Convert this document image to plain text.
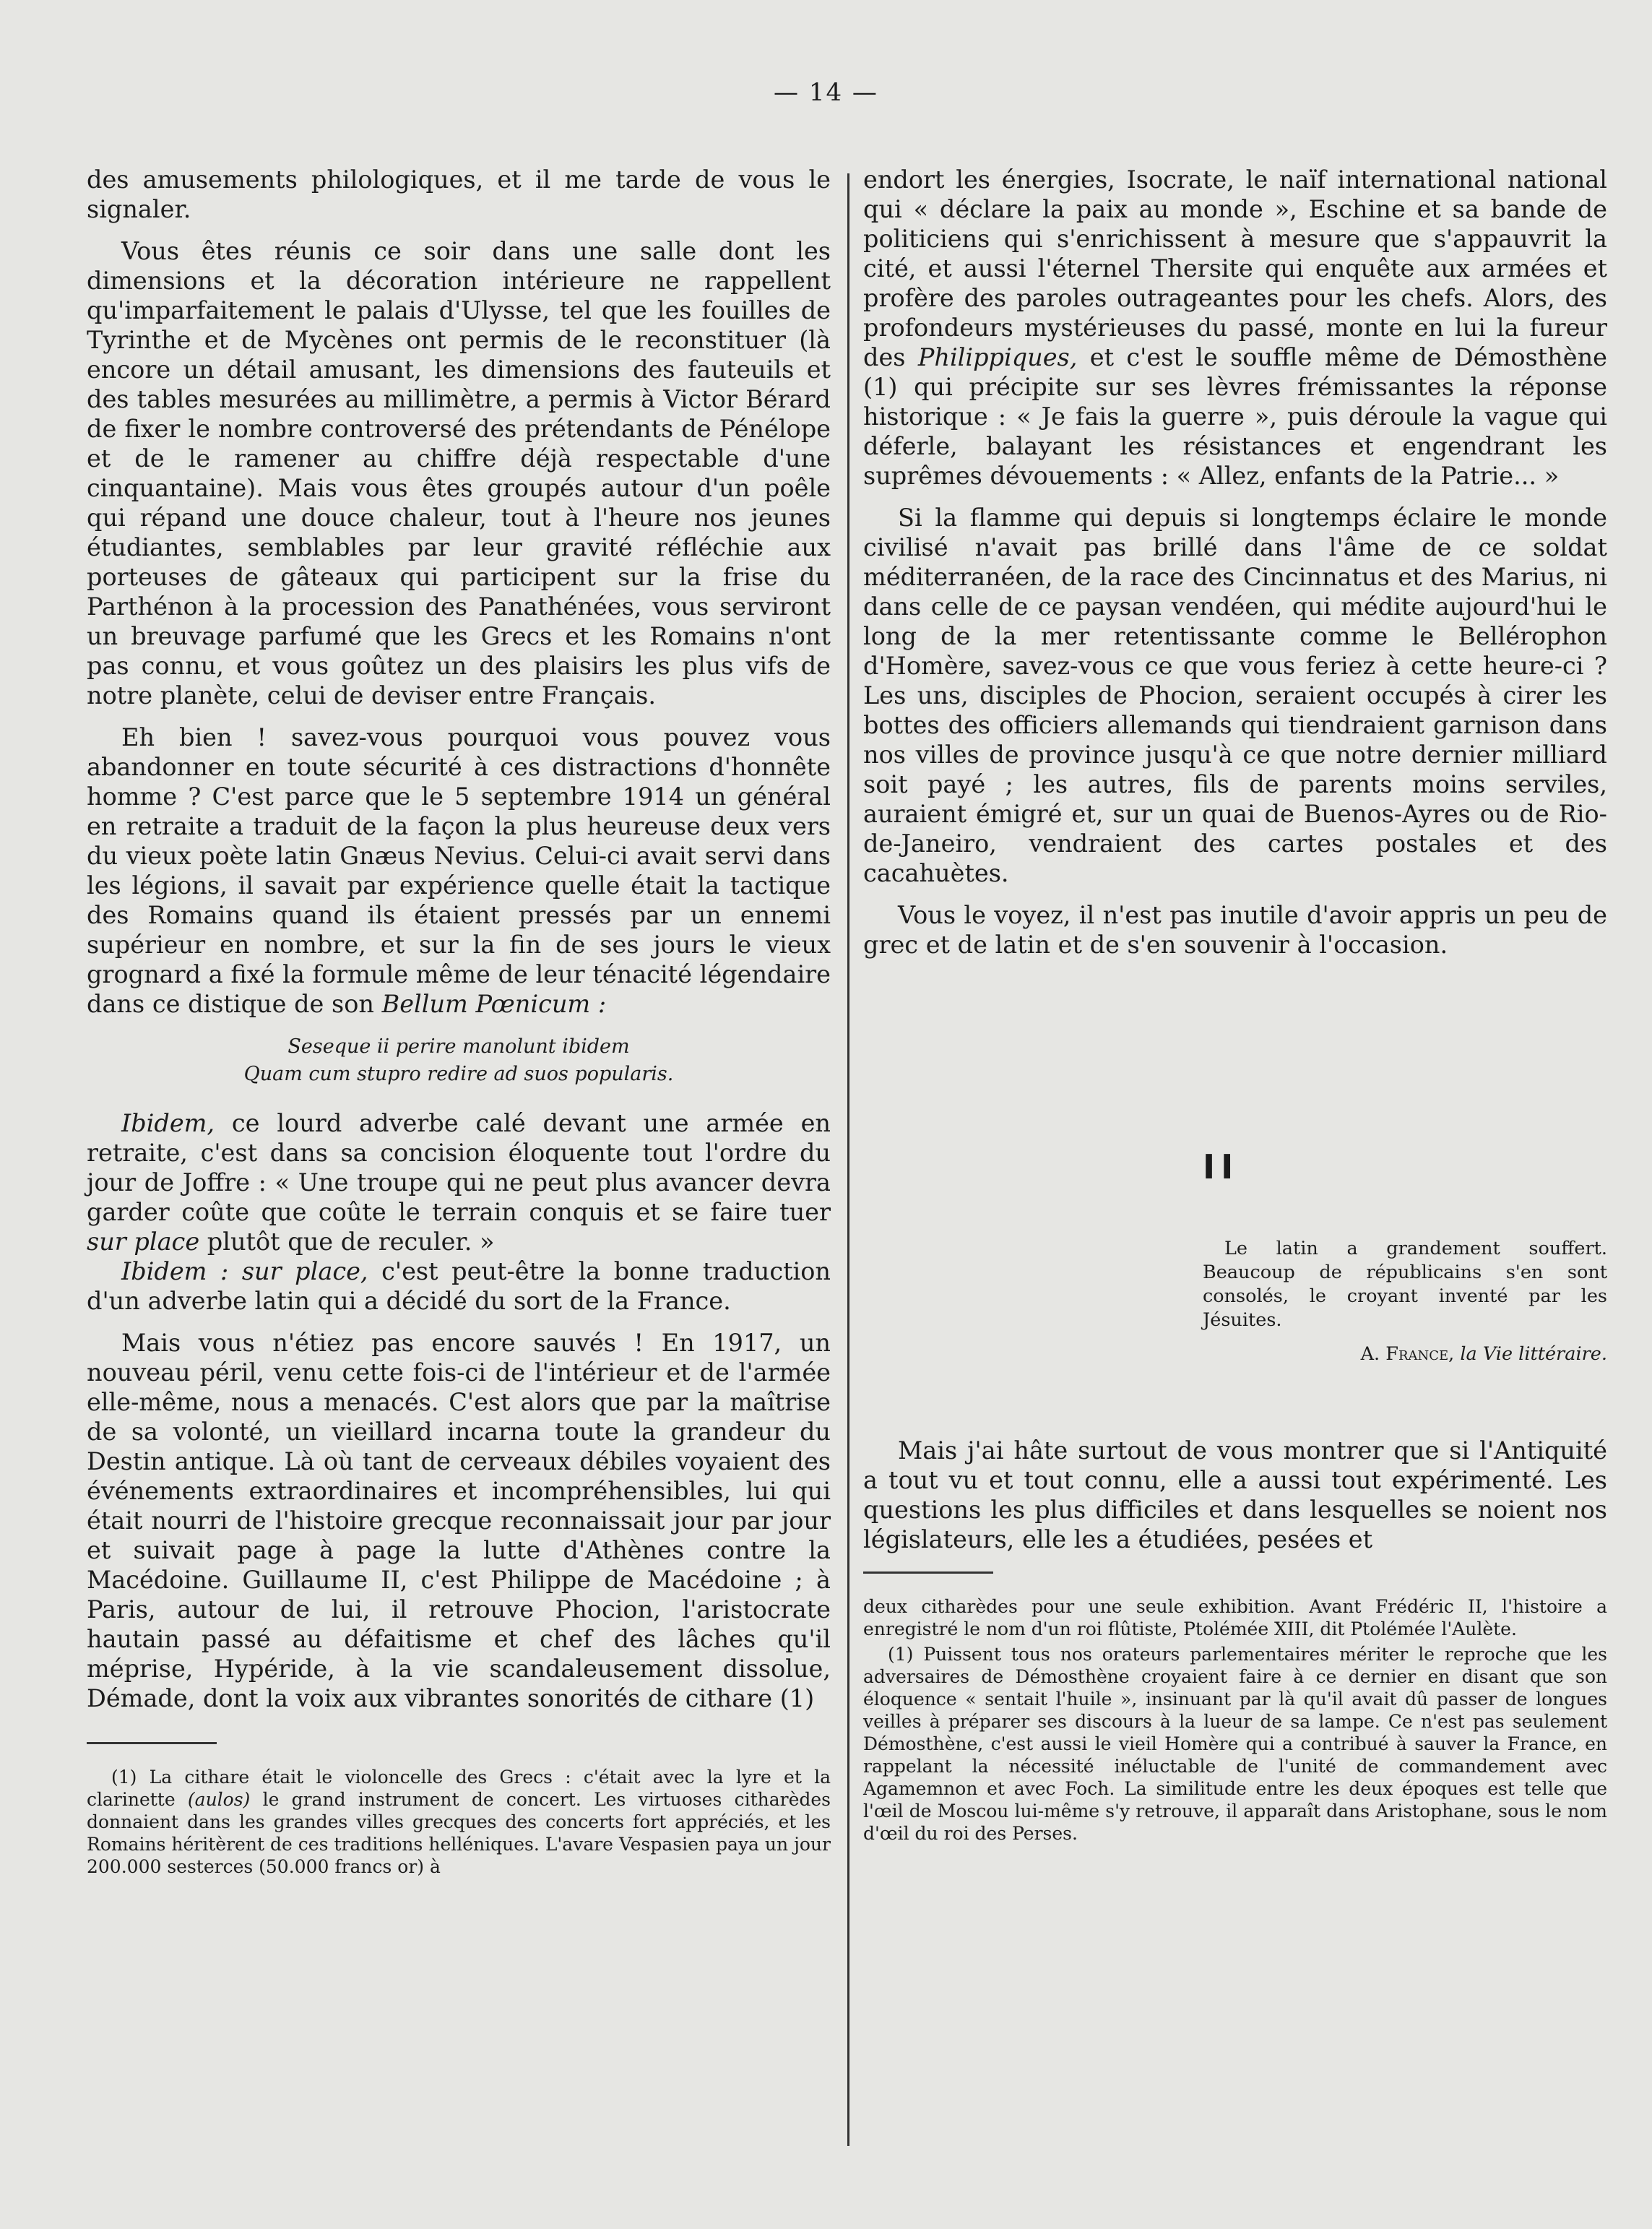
— 14 —

des amusements philologiques, et il me tarde de vous le signaler.

Vous êtes réunis ce soir dans une salle dont les dimensions et la décoration intérieure ne rappellent qu'imparfaitement le palais d'Ulysse, tel que les fouilles de Tyrinthe et de Mycènes ont permis de le reconstituer (là encore un détail amusant, les dimensions des fauteuils et des tables mesurées au millimètre, a permis à Victor Bérard de fixer le nombre controversé des prétendants de Pénélope et de le ramener au chiffre déjà respectable d'une cinquantaine). Mais vous êtes groupés autour d'un poêle qui répand une douce chaleur, tout à l'heure nos jeunes étudiantes, semblables par leur gravité réfléchie aux porteuses de gâteaux qui participent sur la frise du Parthénon à la procession des Panathénées, vous serviront un breuvage parfumé que les Grecs et les Romains n'ont pas connu, et vous goûtez un des plaisirs les plus vifs de notre planète, celui de deviser entre Français.

Eh bien ! savez-vous pourquoi vous pouvez vous abandonner en toute sécurité à ces distractions d'honnête homme ? C'est parce que le 5 septembre 1914 un général en retraite a traduit de la façon la plus heureuse deux vers du vieux poète latin Gnæus Nevius. Celui-ci avait servi dans les légions, il savait par expérience quelle était la tactique des Romains quand ils étaient pressés par un ennemi supérieur en nombre, et sur la fin de ses jours le vieux grognard a fixé la formule même de leur ténacité légendaire dans ce distique de son Bellum Pœnicum :

Seseque ii perire manolunt ibidem
Quam cum stupro redire ad suos popularis.

Ibidem, ce lourd adverbe calé devant une armée en retraite, c'est dans sa concision éloquente tout l'ordre du jour de Joffre : « Une troupe qui ne peut plus avancer devra garder coûte que coûte le terrain conquis et se faire tuer sur place plutôt que de reculer. »

Ibidem : sur place, c'est peut-être la bonne traduction d'un adverbe latin qui a décidé du sort de la France.

Mais vous n'étiez pas encore sauvés ! En 1917, un nouveau péril, venu cette fois-ci de l'intérieur et de l'armée elle-même, nous a menacés. C'est alors que par la maîtrise de sa volonté, un vieillard incarna toute la grandeur du Destin antique. Là où tant de cerveaux débiles voyaient des événements extraordinaires et incompréhensibles, lui qui était nourri de l'histoire grecque reconnaissait jour par jour et suivait page à page la lutte d'Athènes contre la Macédoine. Guillaume II, c'est Philippe de Macédoine ; à Paris, autour de lui, il retrouve Phocion, l'aristocrate hautain passé au défaitisme et chef des lâches qu'il méprise, Hypéride, à la vie scandaleusement dissolue, Démade, dont la voix aux vibrantes sonorités de cithare (1)

(1) La cithare était le violoncelle des Grecs : c'était avec la lyre et la clarinette (aulos) le grand instrument de concert. Les virtuoses citharèdes donnaient dans les grandes villes grecques des concerts fort appréciés, et les Romains héritèrent de ces traditions helléniques. L'avare Vespasien paya un jour 200.000 sesterces (50.000 francs or) à

endort les énergies, Isocrate, le naïf international national qui « déclare la paix au monde », Eschine et sa bande de politiciens qui s'enrichissent à mesure que s'appauvrit la cité, et aussi l'éternel Thersite qui enquête aux armées et profère des paroles outrageantes pour les chefs. Alors, des profondeurs mystérieuses du passé, monte en lui la fureur des Philippiques, et c'est le souffle même de Démosthène (1) qui précipite sur ses lèvres frémissantes la réponse historique : « Je fais la guerre », puis déroule la vague qui déferle, balayant les résistances et engendrant les suprêmes dévouements : « Allez, enfants de la Patrie... »

Si la flamme qui depuis si longtemps éclaire le monde civilisé n'avait pas brillé dans l'âme de ce soldat méditerranéen, de la race des Cincinnatus et des Marius, ni dans celle de ce paysan vendéen, qui médite aujourd'hui le long de la mer retentissante comme le Bellérophon d'Homère, savez-vous ce que vous feriez à cette heure-ci ? Les uns, disciples de Phocion, seraient occupés à cirer les bottes des officiers allemands qui tiendraient garnison dans nos villes de province jusqu'à ce que notre dernier milliard soit payé ; les autres, fils de parents moins serviles, auraient émigré et, sur un quai de Buenos-Ayres ou de Rio-de-Janeiro, vendraient des cartes postales et des cacahuètes.

Vous le voyez, il n'est pas inutile d'avoir appris un peu de grec et de latin et de s'en souvenir à l'occasion.

II
Le latin a grandement souffert. Beaucoup de républicains s'en sont consolés, le croyant inventé par les Jésuites.
A. France, la Vie littéraire.

Mais j'ai hâte surtout de vous montrer que si l'Antiquité a tout vu et tout connu, elle a aussi tout expérimenté. Les questions les plus difficiles et dans lesquelles se noient nos législateurs, elle les a étudiées, pesées et

deux citharèdes pour une seule exhibition. Avant Frédéric II, l'histoire a enregistré le nom d'un roi flûtiste, Ptolémée XIII, dit Ptolémée l'Aulète.

(1) Puissent tous nos orateurs parlementaires mériter le reproche que les adversaires de Démosthène croyaient faire à ce dernier en disant que son éloquence « sentait l'huile », insinuant par là qu'il avait dû passer de longues veilles à préparer ses discours à la lueur de sa lampe. Ce n'est pas seulement Démosthène, c'est aussi le vieil Homère qui a contribué à sauver la France, en rappelant la nécessité inéluctable de l'unité de commandement avec Agamemnon et avec Foch. La similitude entre les deux époques est telle que l'œil de Moscou lui-même s'y retrouve, il apparaît dans Aristophane, sous le nom d'œil du roi des Perses.
